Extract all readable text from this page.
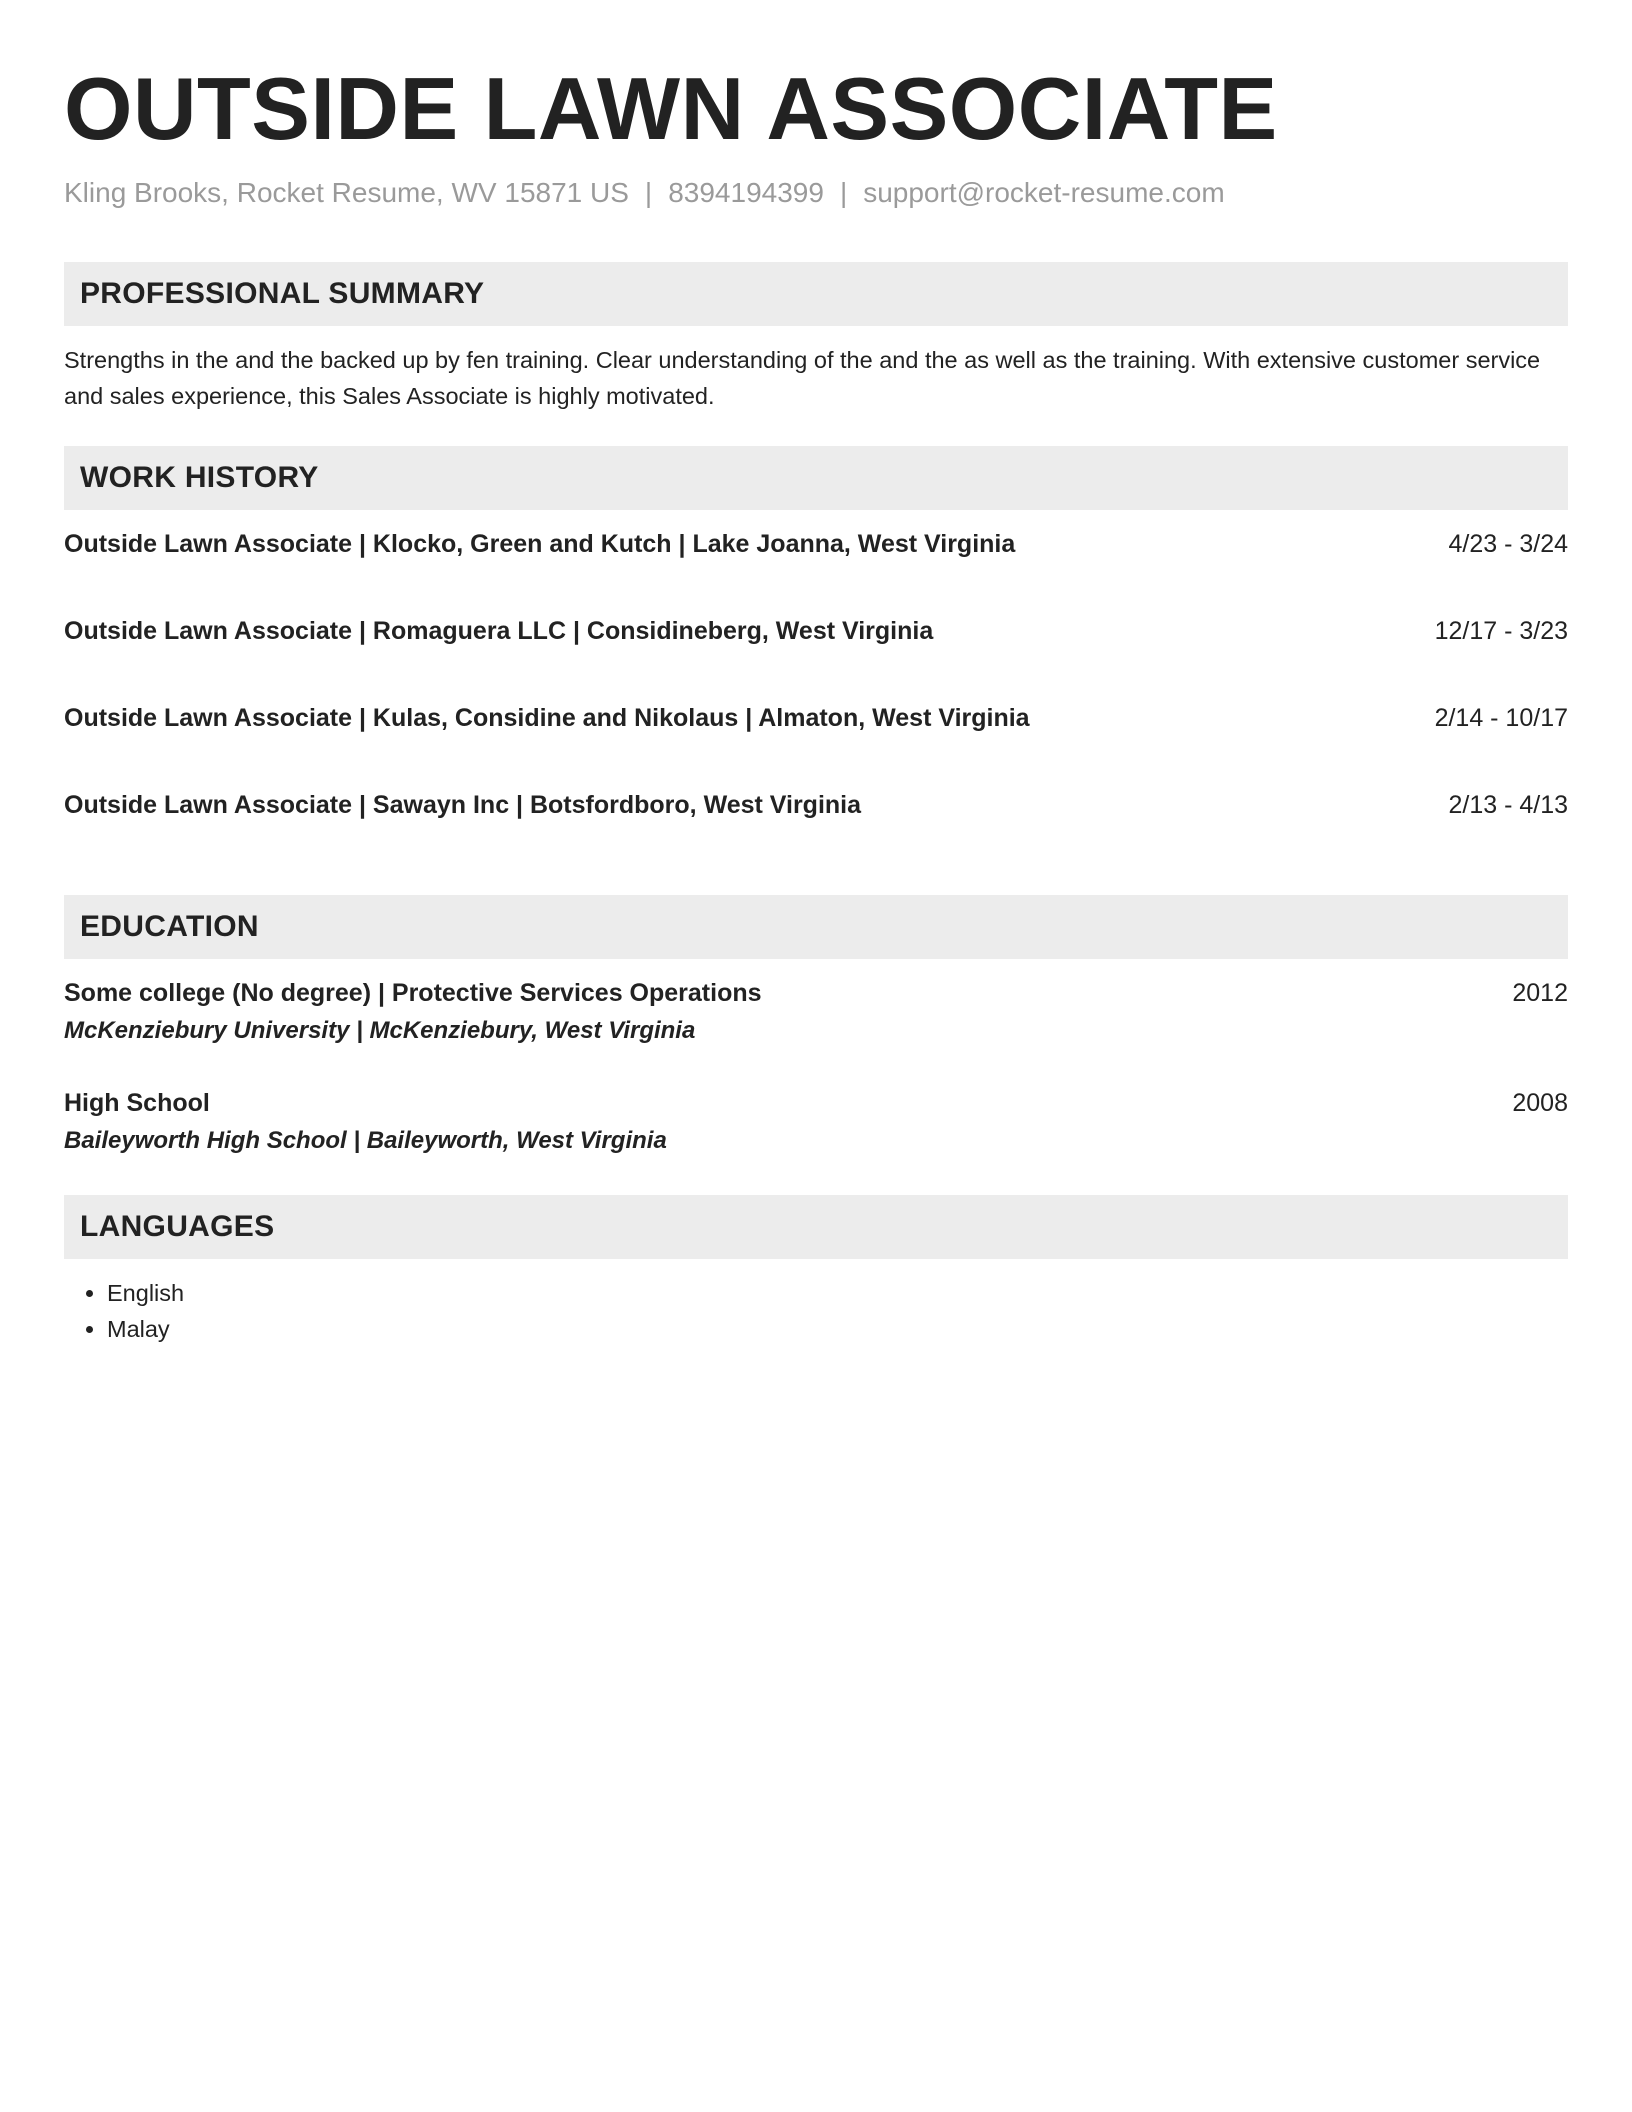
OUTSIDE LAWN ASSOCIATE
Kling Brooks, Rocket Resume, WV 15871 US | 8394194399 | support@rocket-resume.com
PROFESSIONAL SUMMARY
Strengths in the and the backed up by fen training. Clear understanding of the and the as well as the training. With extensive customer service and sales experience, this Sales Associate is highly motivated.
WORK HISTORY
Outside Lawn Associate | Klocko, Green and Kutch | Lake Joanna, West Virginia	4/23 - 3/24
Outside Lawn Associate | Romaguera LLC | Considineberg, West Virginia	12/17 - 3/23
Outside Lawn Associate | Kulas, Considine and Nikolaus | Almaton, West Virginia	2/14 - 10/17
Outside Lawn Associate | Sawayn Inc | Botsfordboro, West Virginia	2/13 - 4/13
EDUCATION
Some college (No degree) | Protective Services Operations	2012
McKenziebury University | McKenziebury, West Virginia
High School	2008
Baileyworth High School | Baileyworth, West Virginia
LANGUAGES
• English
• Malay
